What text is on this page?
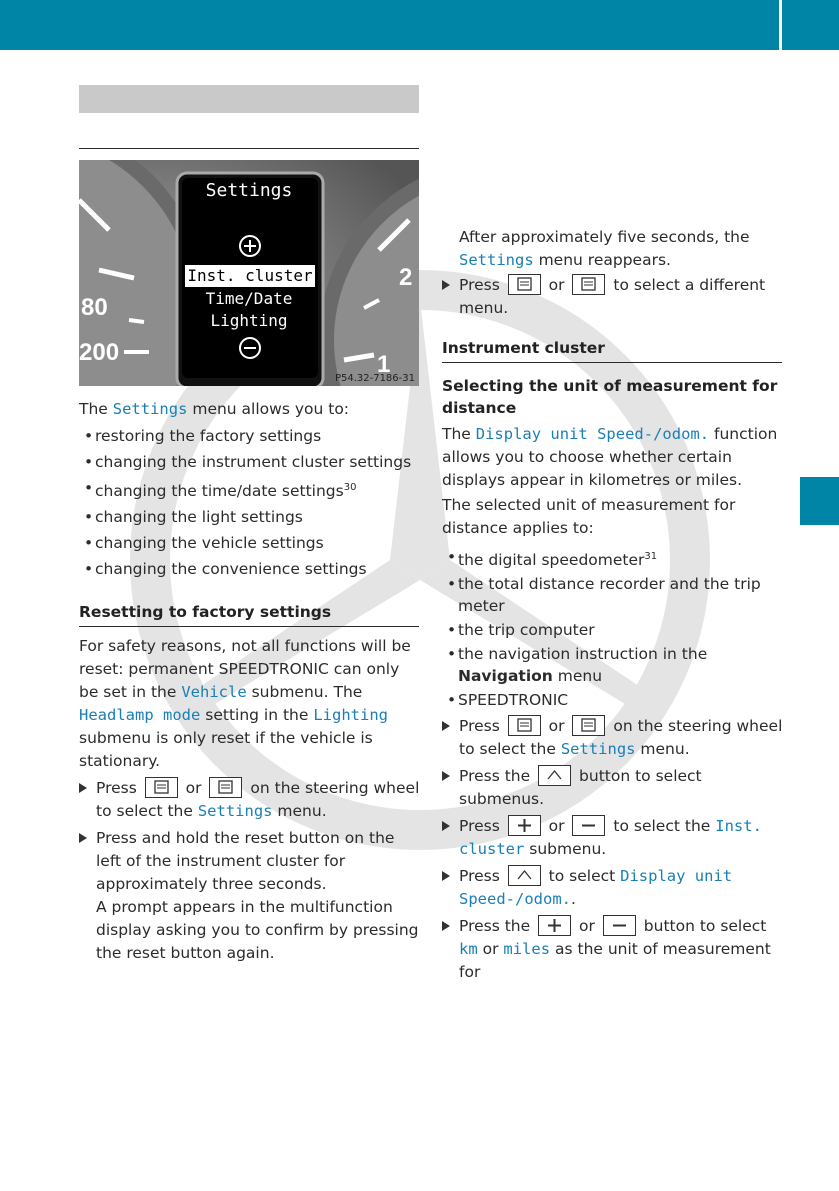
80
200
2
1
Settings
Inst. cluster
Time/Date
Lighting
P54.32-7186-31

The Settings menu allows you to:

• restoring the factory settings

• changing the instrument cluster settings

• changing the time/date settings$^{30}$

• changing the light settings

• changing the vehicle settings

• changing the convenience settings

Resetting to factory settings

For safety reasons, not all functions will be reset: permanent SPEEDTRONIC can only be set in the Vehicle submenu. The Headlamp mode setting in the Lighting submenu is only reset if the vehicle is stationary.

Press	or	on the steering wheel to select the Settings menu.

Press and hold the reset button on the left of the instrument cluster for approximately three seconds.

A prompt appears in the multifunction display asking you to confirm by pressing the reset button again.

After approximately five seconds, the Settings menu reappears.

Press	or	to select a different menu.

Instrument cluster

Selecting the unit of measurement for distance

The Display unit Speed-/odom. function allows you to choose whether certain displays appear in kilometres or miles.

The selected unit of measurement for distance applies to:

• the digital speedometer$^{31}$

• the total distance recorder and the trip meter

• the trip computer

• the navigation instruction in the Navigation menu

• SPEEDTRONIC

Press	or	on the steering wheel to select the Settings menu.

Press the	button to select submenus.

Press	or	to select the Inst. cluster submenu.

Press	to select Display unit Speed-/odom..

Press the	or	button to select km or miles as the unit of measurement for
